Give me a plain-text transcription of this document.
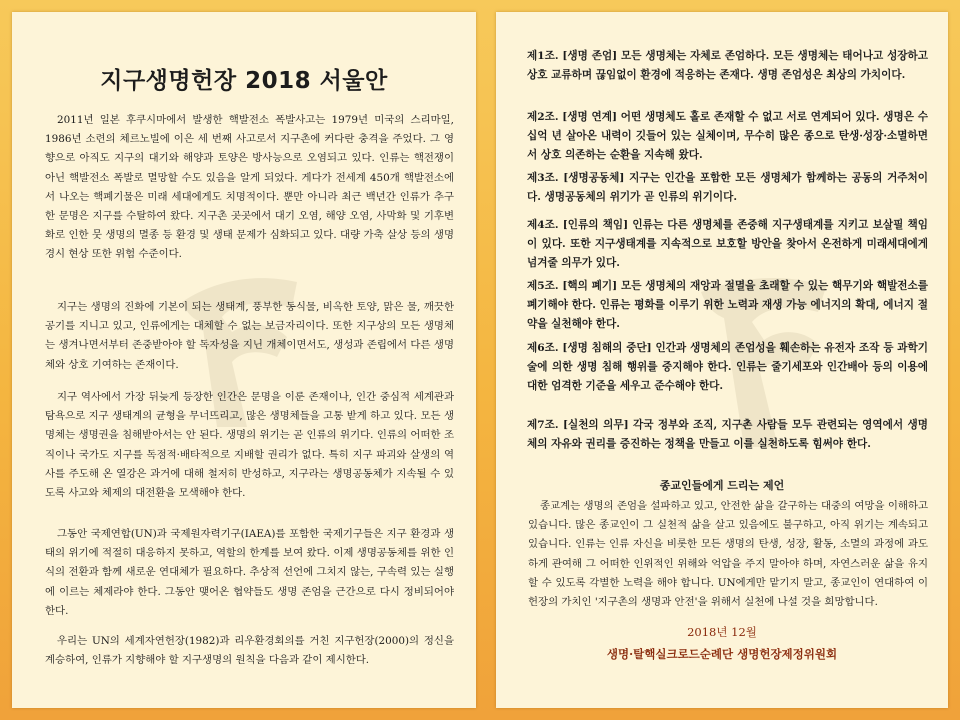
지구생명헌장 2018 서울안

2011년 일본 후쿠시마에서 발생한 핵발전소 폭발사고는 1979년 미국의 스리마일, 1986년 소련의 체르노빌에 이은 세 번째 사고로서 지구촌에 커다란 충격을 주었다. 그 영향으로 아직도 지구의 대기와 해양과 토양은 방사능으로 오염되고 있다. 인류는 핵전쟁이 아닌 핵발전소 폭발로 멸망할 수도 있음을 알게 되었다. 게다가 전세계 450개 핵발전소에서 나오는 핵폐기물은 미래 세대에게도 치명적이다. 뿐만 아니라 최근 백년간 인류가 추구한 문명은 지구를 수탈하여 왔다. 지구촌 곳곳에서 대기 오염, 해양 오염, 사막화 및 기후변화로 인한 뭇 생명의 멸종 등 환경 및 생태 문제가 심화되고 있다. 대량 가축 살상 등의 생명 경시 현상 또한 위험 수준이다.

지구는 생명의 진화에 기본이 되는 생태계, 풍부한 동식물, 비옥한 토양, 맑은 물, 깨끗한 공기를 지니고 있고, 인류에게는 대체할 수 없는 보금자리이다. 또한 지구상의 모든 생명체는 생겨나면서부터 존중받아야 할 독자성을 지닌 개체이면서도, 생성과 존립에서 다른 생명체와 상호 기여하는 존재이다.

지구 역사에서 가장 뒤늦게 등장한 인간은 문명을 이룬 존재이나, 인간 중심적 세계관과 탐욕으로 지구 생태계의 균형을 무너뜨리고, 많은 생명체들을 고통 받게 하고 있다. 모든 생명체는 생명권을 침해받아서는 안 된다. 생명의 위기는 곧 인류의 위기다. 인류의 어떠한 조직이나 국가도 지구를 독점적·배타적으로 지배할 권리가 없다. 특히 지구 파괴와 살생의 역사를 주도해 온 열강은 과거에 대해 철저히 반성하고, 지구라는 생명공동체가 지속될 수 있도록 사고와 체제의 대전환을 모색해야 한다.

그동안 국제연합(UN)과 국제원자력기구(IAEA)를 포함한 국제기구들은 지구 환경과 생태의 위기에 적절히 대응하지 못하고, 역할의 한계를 보여 왔다. 이제 생명공동체를 위한 인식의 전환과 함께 새로운 연대체가 필요하다. 추상적 선언에 그치지 않는, 구속력 있는 실행에 이르는 체제라야 한다. 그동안 맺어온 협약들도 생명 존엄을 근간으로 다시 정비되어야 한다.

우리는 UN의 세계자연헌장(1982)과 리우환경회의를 거친 지구헌장(2000)의 정신을 계승하여, 인류가 지향해야 할 지구생명의 원칙을 다음과 같이 제시한다.

제1조. [생명 존엄] 모든 생명체는 자체로 존엄하다. 모든 생명체는 태어나고 성장하고 상호 교류하며 끊임없이 환경에 적응하는 존재다. 생명 존엄성은 최상의 가치이다.

제2조. [생명 연계] 어떤 생명체도 홀로 존재할 수 없고 서로 연계되어 있다. 생명은 수십억 년 살아온 내력이 깃들어 있는 실체이며, 무수히 많은 종으로 탄생·성장·소멸하면서 상호 의존하는 순환을 지속해 왔다.

제3조. [생명공동체] 지구는 인간을 포함한 모든 생명체가 함께하는 공동의 거주처이다. 생명공동체의 위기가 곧 인류의 위기이다.

제4조. [인류의 책임] 인류는 다른 생명체를 존중해 지구생태계를 지키고 보살필 책임이 있다. 또한 지구생태계를 지속적으로 보호할 방안을 찾아서 온전하게 미래세대에게 넘겨줄 의무가 있다.

제5조. [핵의 폐기] 모든 생명체의 재앙과 절멸을 초래할 수 있는 핵무기와 핵발전소를 폐기해야 한다. 인류는 평화를 이루기 위한 노력과 재생 가능 에너지의 확대, 에너지 절약을 실천해야 한다.

제6조. [생명 침해의 중단] 인간과 생명체의 존엄성을 훼손하는 유전자 조작 등 과학기술에 의한 생명 침해 행위를 중지해야 한다. 인류는 줄기세포와 인간배아 등의 이용에 대한 엄격한 기준을 세우고 준수해야 한다.

제7조. [실천의 의무] 각국 정부와 조직, 지구촌 사람들 모두 관련되는 영역에서 생명체의 자유와 권리를 증진하는 정책을 만들고 이를 실천하도록 힘써야 한다.

종교인들에게 드리는 제언

종교계는 생명의 존엄을 설파하고 있고, 안전한 삶을 갈구하는 대중의 여망을 이해하고 있습니다. 많은 종교인이 그 실천적 삶을 살고 있음에도 불구하고, 아직 위기는 계속되고 있습니다. 인류는 인류 자신을 비롯한 모든 생명의 탄생, 성장, 활동, 소멸의 과정에 과도하게 관여해 그 어떠한 인위적인 위해와 억압을 주지 말아야 하며, 자연스러운 삶을 유지할 수 있도록 각별한 노력을 해야 합니다. UN에게만 맡기지 말고, 종교인이 연대하여 이 헌장의 가치인 '지구촌의 생명과 안전'을 위해서 실천에 나설 것을 희망합니다.

2018년 12월

생명·탈핵실크로드순례단 생명헌장제정위원회
